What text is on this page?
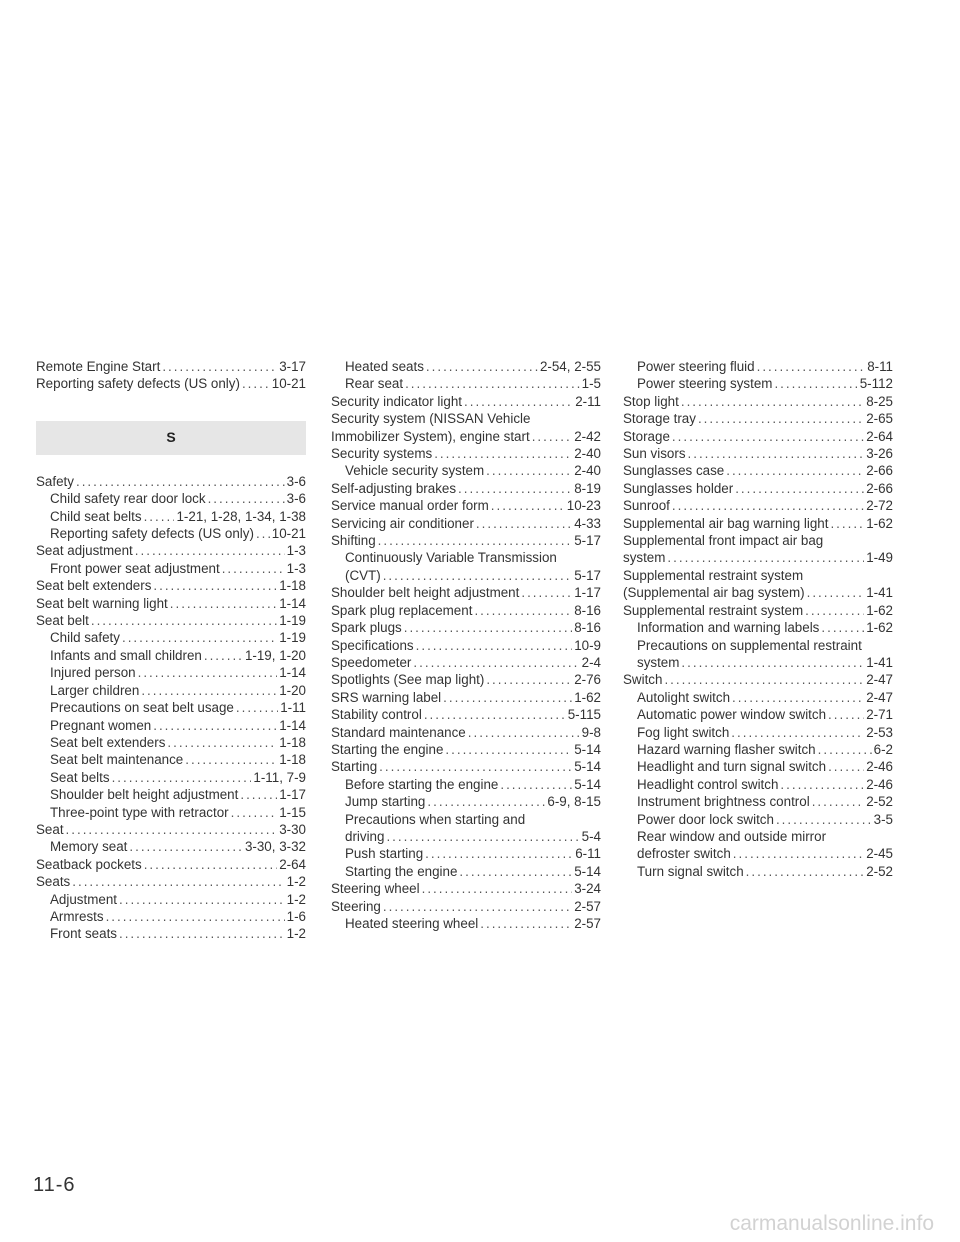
Remote Engine Start .....	3-17
Reporting safety defects (US only) ..... 10-21
S
Safety .....	3-6
Child safety rear door lock .....	3-6
Child seat belts .....	1-21, 1-28, 1-34, 1-38
Reporting safety defects (US only) ..... 10-21
Seat adjustment .....	1-3
Front power seat adjustment .....	1-3
Seat belt extenders .....	1-18
Seat belt warning light .....	1-14
Seat belt .....	1-19
Child safety .....	1-19
Infants and small children .....	1-19, 1-20
Injured person .....	1-14
Larger children .....	1-20
Precautions on seat belt usage .....	1-11
Pregnant women .....	1-14
Seat belt extenders .....	1-18
Seat belt maintenance .....	1-18
Seat belts .....	1-11, 7-9
Shoulder belt height adjustment .....	1-17
Three-point type with retractor .....	1-15
Seat .....	3-30
Memory seat .....	3-30, 3-32
Seatback pockets .....	2-64
Seats .....	1-2
Adjustment .....	1-2
Armrests .....	1-6
Front seats .....	1-2
Heated seats .....	2-54, 2-55
Rear seat .....	1-5
Security indicator light .....	2-11
Security system (NISSAN Vehicle
Immobilizer System), engine start .....	2-42
Security systems .....	2-40
Vehicle security system .....	2-40
Self-adjusting brakes .....	8-19
Service manual order form .....	10-23
Servicing air conditioner .....	4-33
Shifting .....	5-17
Continuously Variable Transmission
(CVT) .....	5-17
Shoulder belt height adjustment .....	1-17
Spark plug replacement .....	8-16
Spark plugs .....	8-16
Specifications .....	10-9
Speedometer .....	2-4
Spotlights (See map light) .....	2-76
SRS warning label .....	1-62
Stability control .....	5-115
Standard maintenance .....	9-8
Starting the engine .....	5-14
Starting .....	5-14
Before starting the engine .....	5-14
Jump starting .....	6-9, 8-15
Precautions when starting and
driving .....	5-4
Push starting .....	6-11
Starting the engine .....	5-14
Steering wheel .....	3-24
Steering .....	2-57
Heated steering wheel .....	2-57
Power steering fluid .....	8-11
Power steering system .....	5-112
Stop light .....	8-25
Storage tray .....	2-65
Storage .....	2-64
Sun visors .....	3-26
Sunglasses case .....	2-66
Sunglasses holder .....	2-66
Sunroof .....	2-72
Supplemental air bag warning light .....	1-62
Supplemental front impact air bag
system .....	1-49
Supplemental restraint system
(Supplemental air bag system) .....	1-41
Supplemental restraint system .....	1-62
Information and warning labels .....	1-62
Precautions on supplemental restraint
system .....	1-41
Switch .....	2-47
Autolight switch .....	2-47
Automatic power window switch .....	2-71
Fog light switch .....	2-53
Hazard warning flasher switch .....	6-2
Headlight and turn signal switch .....	2-46
Headlight control switch .....	2-46
Instrument brightness control .....	2-52
Power door lock switch .....	3-5
Rear window and outside mirror
defroster switch .....	2-45
Turn signal switch .....	2-52
11-6
carmanualsonline.info
